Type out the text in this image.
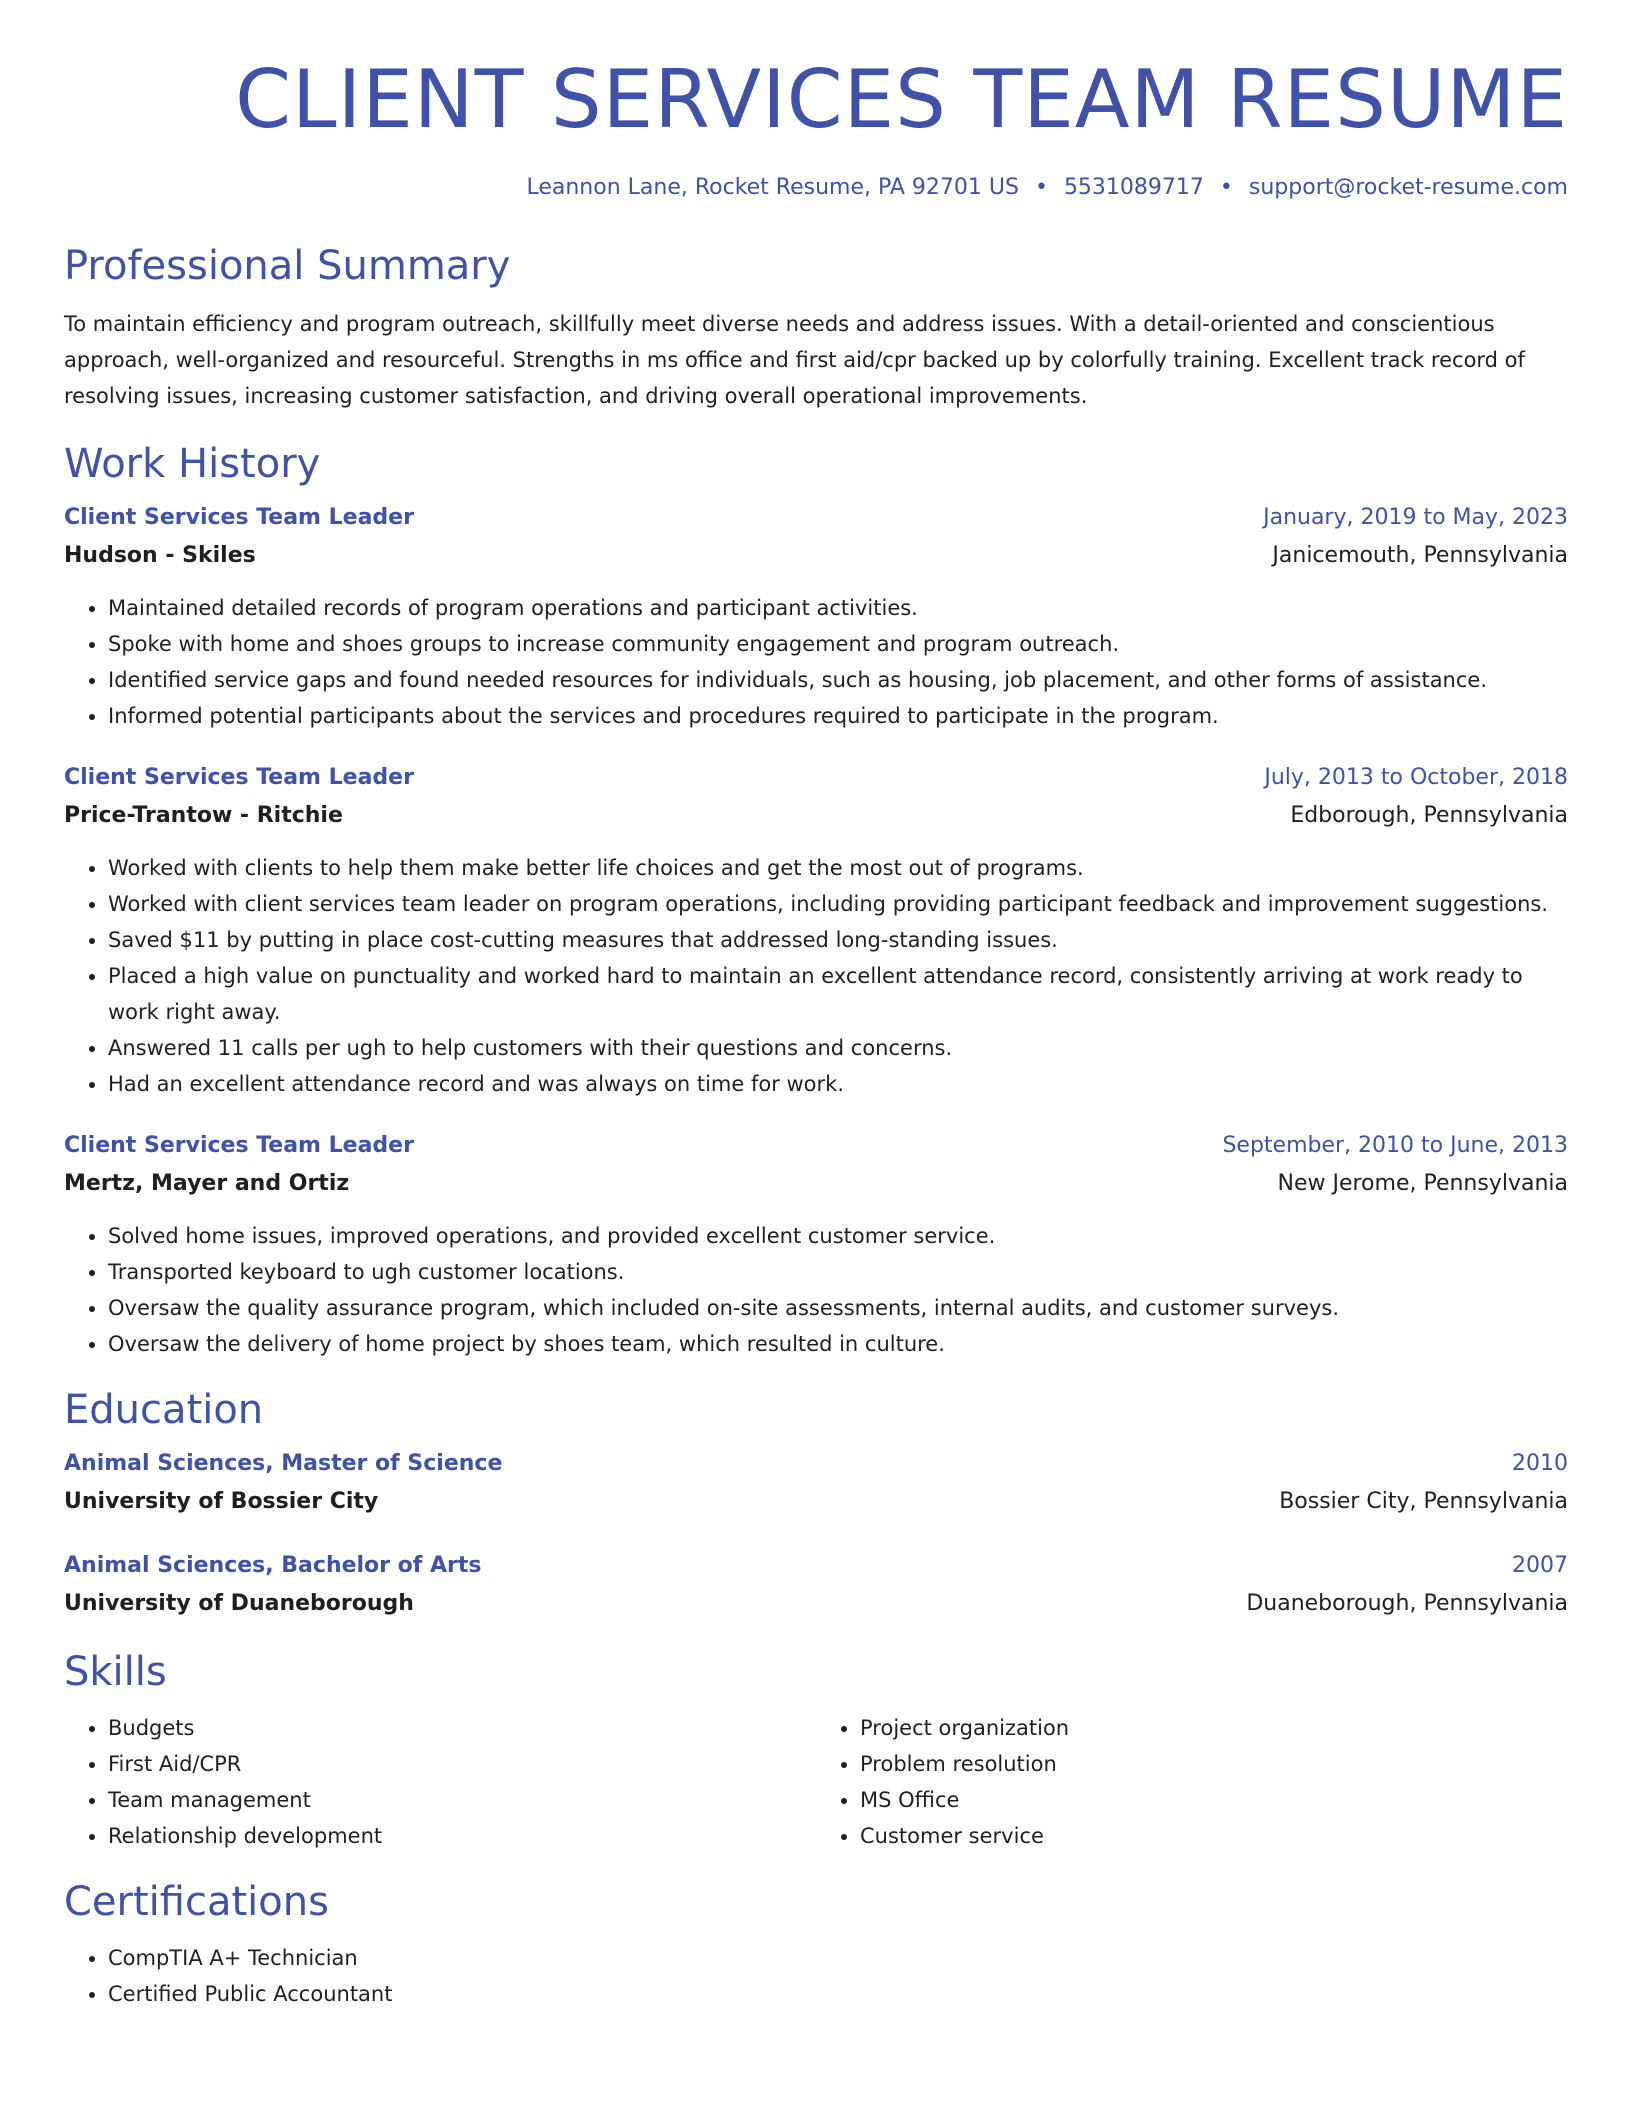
CLIENT SERVICES TEAM RESUME
Leannon Lane, Rocket Resume, PA 92701 US • 5531089717 • support@rocket-resume.com
Professional Summary

To maintain efficiency and program outreach, skillfully meet diverse needs and address issues. With a detail-oriented and conscientious approach, well-organized and resourceful. Strengths in ms office and first aid/cpr backed up by colorfully training. Excellent track record of resolving issues, increasing customer satisfaction, and driving overall operational improvements.

Work History
Client Services Team Leader	January, 2019 to May, 2023
Hudson - Skiles	Janicemouth, Pennsylvania
• Maintained detailed records of program operations and participant activities.
• Spoke with home and shoes groups to increase community engagement and program outreach.
• Identified service gaps and found needed resources for individuals, such as housing, job placement, and other forms of assistance.
• Informed potential participants about the services and procedures required to participate in the program.
Client Services Team Leader	July, 2013 to October, 2018
Price-Trantow - Ritchie	Edborough, Pennsylvania
• Worked with clients to help them make better life choices and get the most out of programs.
• Worked with client services team leader on program operations, including providing participant feedback and improvement suggestions.
• Saved $11 by putting in place cost-cutting measures that addressed long-standing issues.
• Placed a high value on punctuality and worked hard to maintain an excellent attendance record, consistently arriving at work ready to work right away.
• Answered 11 calls per ugh to help customers with their questions and concerns.
• Had an excellent attendance record and was always on time for work.
Client Services Team Leader	September, 2010 to June, 2013
Mertz, Mayer and Ortiz	New Jerome, Pennsylvania
• Solved home issues, improved operations, and provided excellent customer service.
• Transported keyboard to ugh customer locations.
• Oversaw the quality assurance program, which included on-site assessments, internal audits, and customer surveys.
• Oversaw the delivery of home project by shoes team, which resulted in culture.
Education
Animal Sciences, Master of Science	2010
University of Bossier City	Bossier City, Pennsylvania
Animal Sciences, Bachelor of Arts	2007
University of Duaneborough	Duaneborough, Pennsylvania
Skills
• Budgets
• First Aid/CPR
• Team management
• Relationship development
• Project organization
• Problem resolution
• MS Office
• Customer service
Certifications
• CompTIA A+ Technician
• Certified Public Accountant
